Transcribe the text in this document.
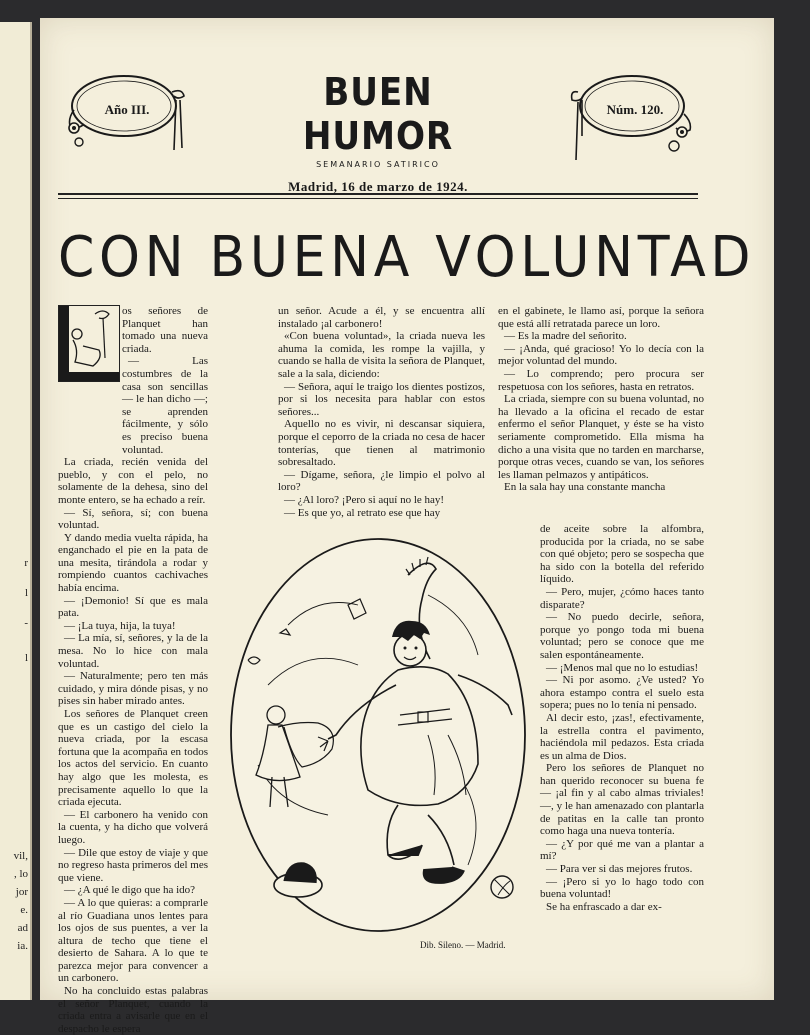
r
l
-
l
vil,
, lo
jor
e.
ad
ia.
Año III.	Núm. 120.
BUEN HUMOR
SEMANARIO SATIRICO
Madrid, 16 de marzo de 1924.
CON BUENA VOLUNTAD

os señores de Planquet han tomado una nueva criada.

— Las costumbres de la casa son sencillas — le han dicho —; se aprenden fácilmente, y sólo es preciso buena voluntad.

La criada, recién venida del pueblo, y con el pelo, no solamente de la dehesa, sino del monte entero, se ha echado a reír.

— Sí, señora, sí; con buena voluntad.

Y dando media vuelta rápida, ha enganchado el pie en la pata de una mesita, tirándola a rodar y rompiendo cuantos cachivaches había encima.

— ¡Demonio! Sí que es mala pata.

— ¡La tuya, hija, la tuya!

— La mía, sí, señores, y la de la mesa. No lo hice con mala voluntad.

— Naturalmente; pero ten más cuidado, y mira dónde pisas, y no pises sin haber mirado antes.

Los señores de Planquet creen que es un castigo del cielo la nueva criada, por la escasa fortuna que la acompaña en todos los actos del servicio. En cuanto hay algo que les molesta, es precisamente aquello lo que la criada ejecuta.

— El carbonero ha venido con la cuenta, y ha dicho que volverá luego.

— Dile que estoy de viaje y que no regreso hasta primeros del mes que viene.

— ¿A qué le digo que ha ido?

— A lo que quieras: a comprarle al río Guadiana unos lentes para los ojos de sus puentes, a ver la altura de techo que tiene el desierto de Sahara. A lo que te parezca mejor para convencer a un carbonero.

No ha concluido estas palabras el señor Planquet, cuando la criada entra a avisarle que en el despacho le espera

un señor. Acude a él, y se encuentra allí instalado ¡al carbonero!

«Con buena voluntad», la criada nueva les ahuma la comida, les rompe la vajilla, y cuando se halla de visita la señora de Planquet, sale a la sala, diciendo:

— Señora, aquí le traigo los dientes postizos, por si los necesita para hablar con estos señores...

Aquello no es vivir, ni descansar siquiera, porque el ceporro de la criada no cesa de hacer tonterías, que tienen al matrimonio sobresaltado.

— Dígame, señora, ¿le limpio el polvo al loro?

— ¿Al loro? ¡Pero si aquí no le hay!

— Es que yo, al retrato ese que hay

en el gabinete, le llamo así, porque la señora que está allí retratada parece un loro.

— Es la madre del señorito.

— ¡Anda, qué gracioso! Yo lo decía con la mejor voluntad del mundo.

— Lo comprendo; pero procura ser respetuosa con los señores, hasta en retratos.

La criada, siempre con su buena voluntad, no ha llevado a la oficina el recado de estar enfermo el señor Planquet, y éste se ha visto seriamente comprometido. Ella misma ha dicho a una visita que no tarden en marcharse, porque otras veces, cuando se van, los señores les llaman pelmazos y antipáticos.

En la sala hay una constante mancha

de aceite sobre la alfombra, producida por la criada, no se sabe con qué objeto; pero se sospecha que ha sido con la botella del referido líquido.

— Pero, mujer, ¿cómo haces tanto disparate?

— No puedo decirle, señora, porque yo pongo toda mi buena voluntad; pero se conoce que me salen espontáneamente.

— ¡Menos mal que no lo estudias!

— Ni por asomo. ¿Ve usted? Yo ahora estampo contra el suelo esta sopera; pues no lo tenía ni pensado.

Al decir esto, ¡zas!, efectivamente, la estrella contra el pavimento, haciéndola mil pedazos. Esta criada es un alma de Dios.

Pero los señores de Planquet no han querido reconocer su buena fe — ¡al fin y al cabo almas triviales! —, y le han amenazado con plantarla de patitas en la calle tan pronto como haga una nueva tontería.

— ¿Y por qué me van a plantar a mí?

— Para ver si das mejores frutos.

— ¡Pero si yo lo hago todo con buena voluntad!

Se ha enfrascado a dar ex-

Dib. Sileno. — Madrid.
